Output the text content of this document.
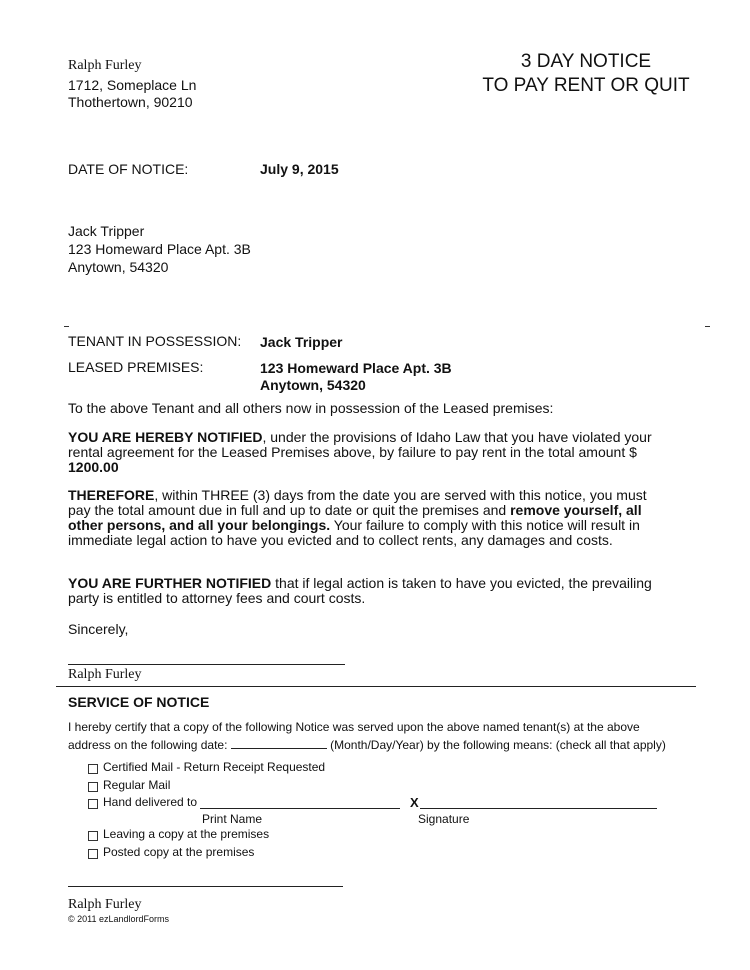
Ralph Furley
1712, Someplace Ln
Thothertown, 90210
3 DAY NOTICE
TO PAY RENT OR QUIT
DATE OF NOTICE:	July 9, 2015
Jack Tripper
123 Homeward Place Apt. 3B
Anytown, 54320
TENANT IN POSSESSION: Jack Tripper
LEASED PREMISES:	123 Homeward Place Apt. 3B
Anytown, 54320
To the above Tenant and all others now in possession of the Leased premises:
YOU ARE HEREBY NOTIFIED, under the provisions of Idaho Law that you have violated your rental agreement for the Leased Premises above, by failure to pay rent in the total amount $ 1200.00
THEREFORE, within THREE (3) days from the date you are served with this notice, you must pay the total amount due in full and up to date or quit the premises and remove yourself, all other persons, and all your belongings. Your failure to comply with this notice will result in immediate legal action to have you evicted and to collect rents, any damages and costs.
YOU ARE FURTHER NOTIFIED that if legal action is taken to have you evicted, the prevailing party is entitled to attorney fees and court costs.
Sincerely,
Ralph Furley
SERVICE OF NOTICE
I hereby certify that a copy of the following Notice was served upon the above named tenant(s) at the above
address on the following date:	(Month/Day/Year) by the following means: (check all that apply)
Certified Mail - Return Receipt Requested
Regular Mail
Hand delivered to	X
Print Name	Signature
Leaving a copy at the premises
Posted copy at the premises
Ralph Furley
© 2011 ezLandlordForms
